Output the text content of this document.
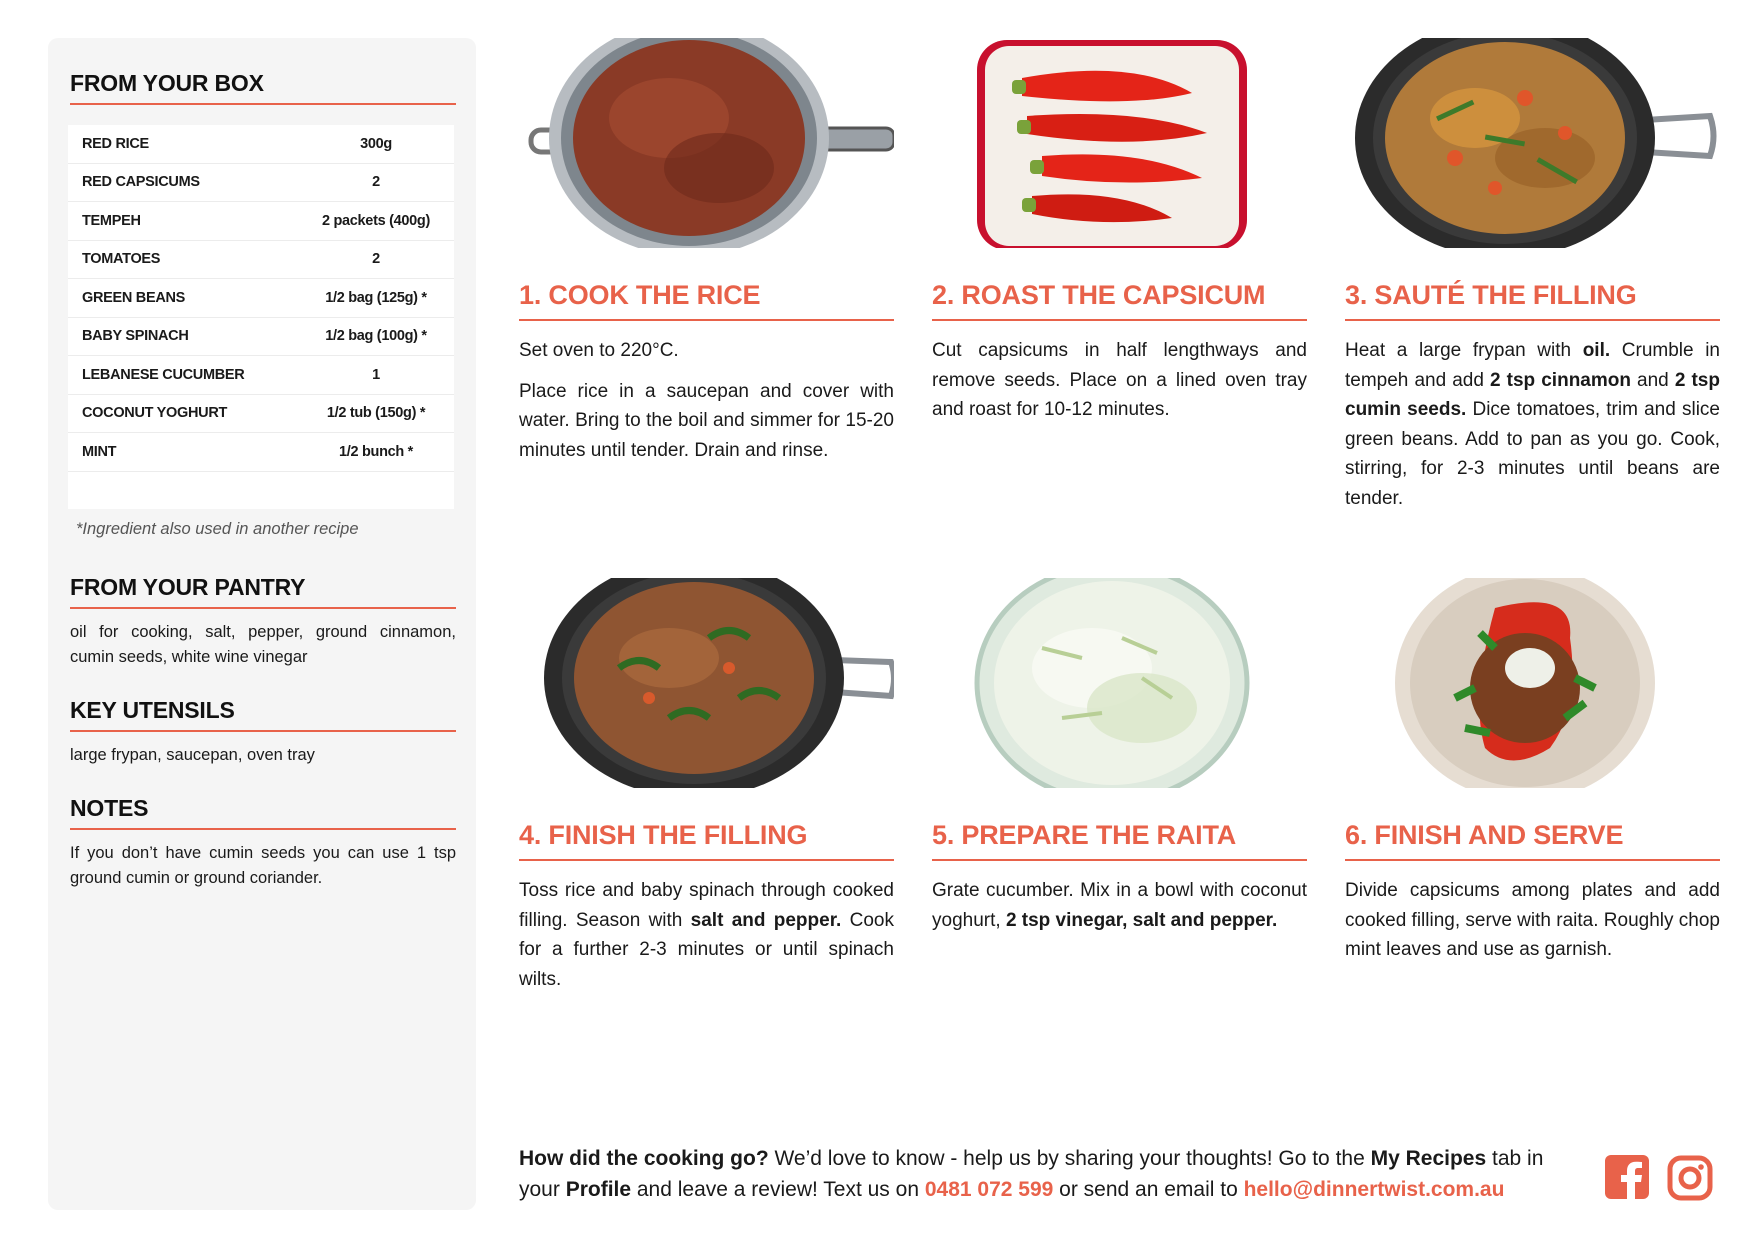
FROM YOUR BOX
RED RICE	300g
RED CAPSICUMS	2
TEMPEH	2 packets (400g)
TOMATOES	2
GREEN BEANS	1/2 bag (125g) *
BABY SPINACH	1/2 bag (100g) *
LEBANESE CUCUMBER	1
COCONUT YOGHURT	1/2 tub (150g) *
MINT	1/2 bunch *
*Ingredient also used in another recipe
FROM YOUR PANTRY
oil for cooking, salt, pepper, ground cinnamon, cumin seeds, white wine vinegar
KEY UTENSILS
large frypan, saucepan, oven tray
NOTES
If you don’t have cumin seeds you can use 1 tsp ground cumin or ground coriander.
1. COOK THE RICE

Set oven to 220°C.

Place rice in a saucepan and cover with water. Bring to the boil and simmer for 15-20 minutes until tender. Drain and rinse.

2. ROAST THE CAPSICUM

Cut capsicums in half lengthways and remove seeds. Place on a lined oven tray and roast for 10-12 minutes.

3. SAUTÉ THE FILLING

Heat a large frypan with oil. Crumble in tempeh and add 2 tsp cinnamon and 2 tsp cumin seeds. Dice tomatoes, trim and slice green beans. Add to pan as you go. Cook, stirring, for 2-3 minutes until beans are tender.

4. FINISH THE FILLING

Toss rice and baby spinach through cooked filling. Season with salt and pepper. Cook for a further 2-3 minutes or until spinach wilts.

5. PREPARE THE RAITA

Grate cucumber. Mix in a bowl with coconut yoghurt, 2 tsp vinegar, salt and pepper.

6. FINISH AND SERVE

Divide capsicums among plates and add cooked filling, serve with raita. Roughly chop mint leaves and use as garnish.

How did the cooking go? We’d love to know - help us by sharing your thoughts! Go to the My Recipes tab in your Profile and leave a review! Text us on 0481 072 599 or send an email to hello@dinnertwist.com.au
